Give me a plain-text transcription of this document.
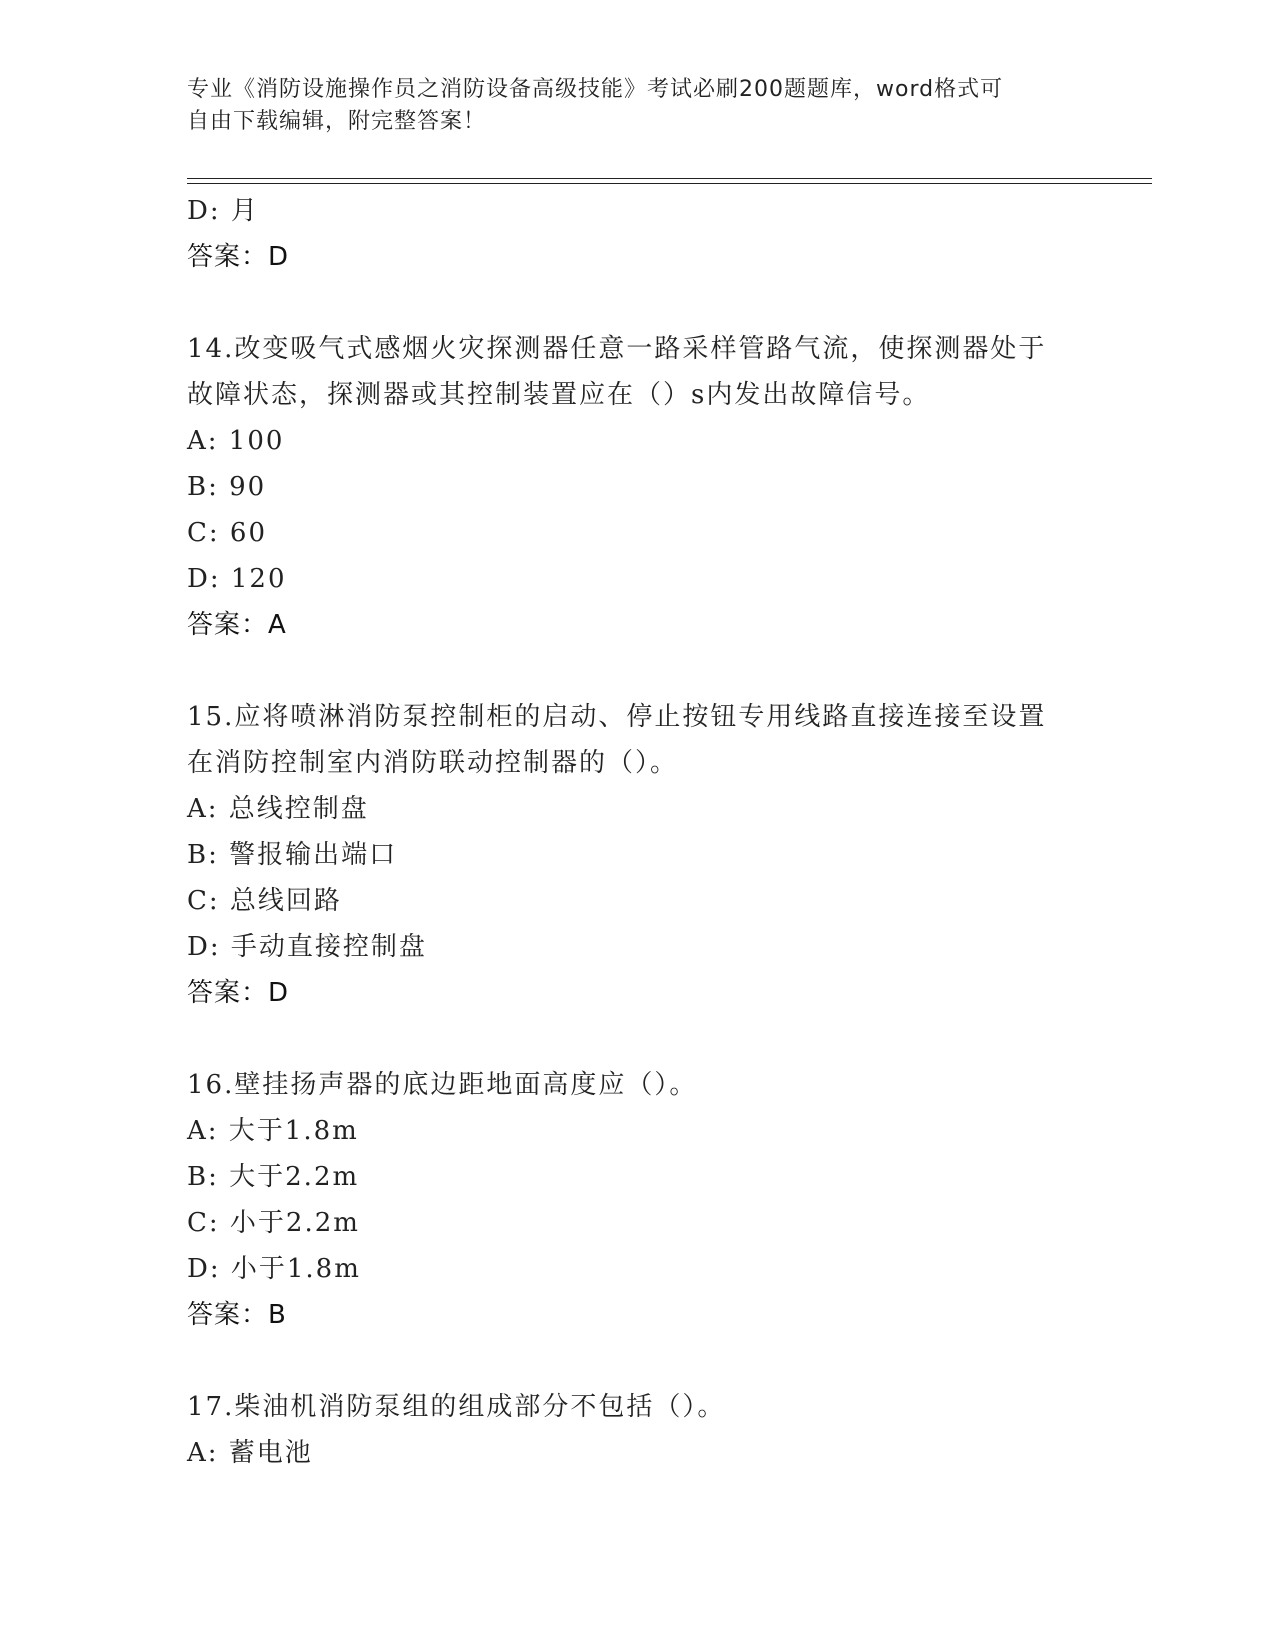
专业《消防设施操作员之消防设备高级技能》考试必刷200题题库，word格式可
自由下载编辑，附完整答案！
D: 月
答案：D
14.改变吸气式感烟火灾探测器任意一路采样管路气流，使探测器处于
故障状态，探测器或其控制装置应在（）s内发出故障信号。
A: 100
B: 90
C: 60
D: 120
答案：A
15.应将喷淋消防泵控制柜的启动、停止按钮专用线路直接连接至设置
在消防控制室内消防联动控制器的（）。
A: 总线控制盘
B: 警报输出端口
C: 总线回路
D: 手动直接控制盘
答案：D
16.壁挂扬声器的底边距地面高度应（）。
A: 大于1.8m
B: 大于2.2m
C: 小于2.2m
D: 小于1.8m
答案：B
17.柴油机消防泵组的组成部分不包括（）。
A: 蓄电池
